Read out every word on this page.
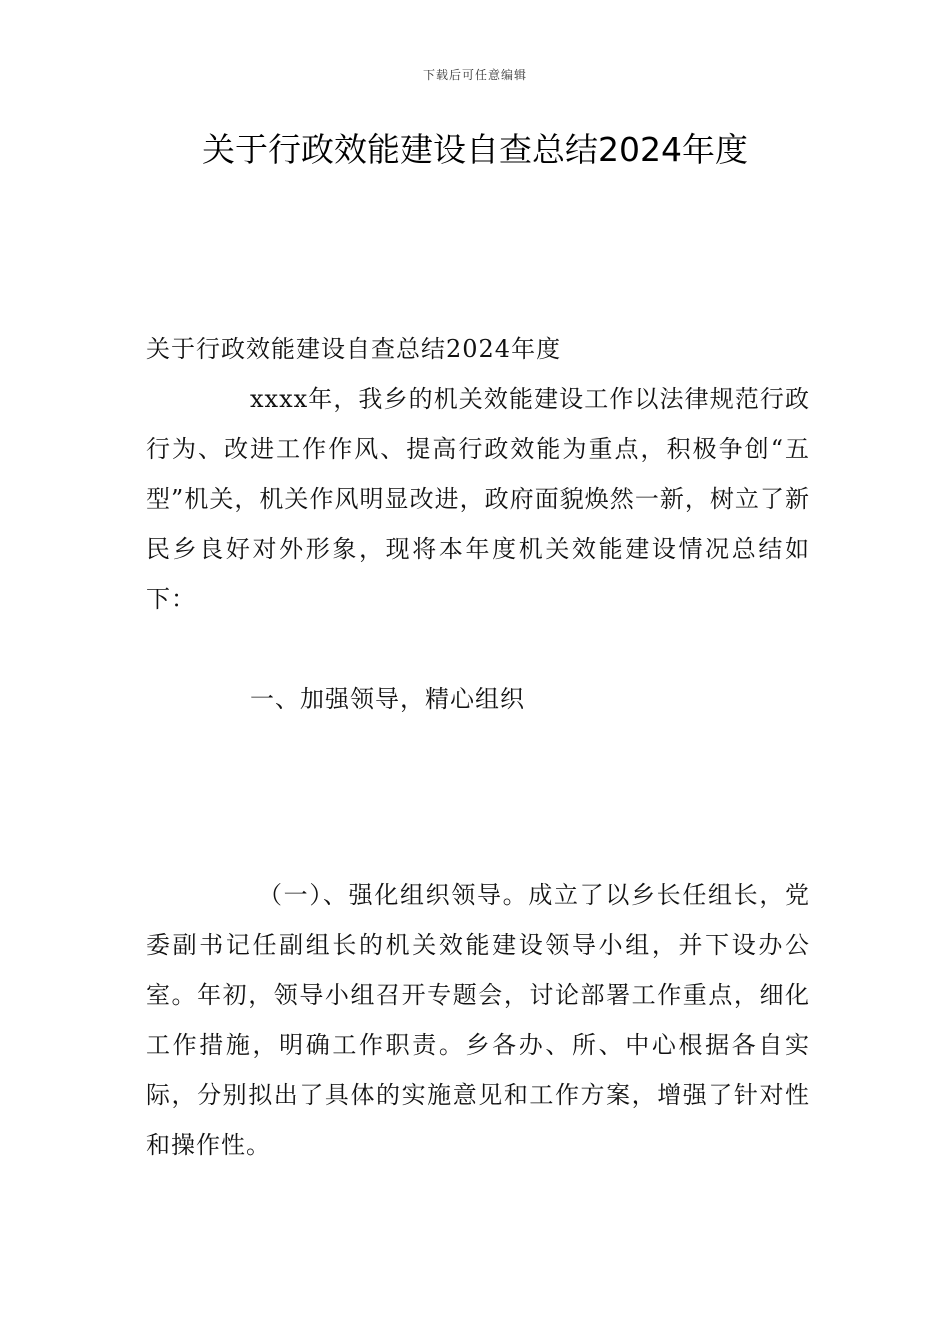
下载后可任意编辑
关于行政效能建设自查总结2024年度

关于行政效能建设自查总结2024年度

xxxx年，我乡的机关效能建设工作以法律规范行政行为、改进工作作风、提高行政效能为重点，积极争创“五型”机关，机关作风明显改进，政府面貌焕然一新，树立了新民乡良好对外形象，现将本年度机关效能建设情况总结如下：

一、加强领导，精心组织

（一）、强化组织领导。成立了以乡长任组长，党委副书记任副组长的机关效能建设领导小组，并下设办公室。年初，领导小组召开专题会，讨论部署工作重点，细化工作措施，明确工作职责。乡各办、所、中心根据各自实际，分别拟出了具体的实施意见和工作方案，增强了针对性和操作性。
